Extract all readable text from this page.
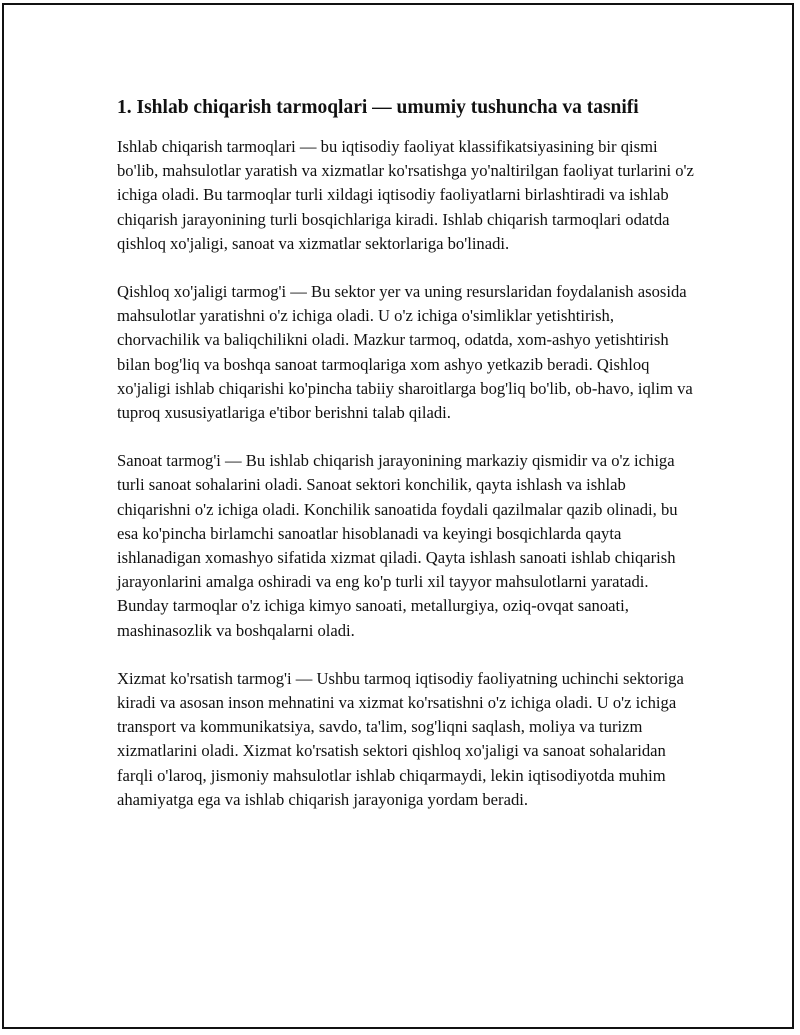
1. Ishlab chiqarish tarmoqlari — umumiy tushuncha va tasnifi

Ishlab chiqarish tarmoqlari — bu iqtisodiy faoliyat klassifikatsiyasining bir qismi bo'lib, mahsulotlar yaratish va xizmatlar ko'rsatishga yo'naltirilgan faoliyat turlarini o'z ichiga oladi. Bu tarmoqlar turli xildagi iqtisodiy faoliyatlarni birlashtiradi va ishlab chiqarish jarayonining turli bosqichlariga kiradi. Ishlab chiqarish tarmoqlari odatda qishloq xo'jaligi, sanoat va xizmatlar sektorlariga bo'linadi.

Qishloq xo'jaligi tarmog'i — Bu sektor yer va uning resurslaridan foydalanish asosida mahsulotlar yaratishni o'z ichiga oladi. U o'z ichiga o'simliklar yetishtirish, chorvachilik va baliqchilikni oladi. Mazkur tarmoq, odatda, xom-ashyo yetishtirish bilan bog'liq va boshqa sanoat tarmoqlariga xom ashyo yetkazib beradi. Qishloq xo'jaligi ishlab chiqarishi ko'pincha tabiiy sharoitlarga bog'liq bo'lib, ob-havo, iqlim va tuproq xususiyatlariga e'tibor berishni talab qiladi.

Sanoat tarmog'i — Bu ishlab chiqarish jarayonining markaziy qismidir va o'z ichiga turli sanoat sohalarini oladi. Sanoat sektori konchilik, qayta ishlash va ishlab chiqarishni o'z ichiga oladi. Konchilik sanoatida foydali qazilmalar qazib olinadi, bu esa ko'pincha birlamchi sanoatlar hisoblanadi va keyingi bosqichlarda qayta ishlanadigan xomashyo sifatida xizmat qiladi. Qayta ishlash sanoati ishlab chiqarish jarayonlarini amalga oshiradi va eng ko'p turli xil tayyor mahsulotlarni yaratadi. Bunday tarmoqlar o'z ichiga kimyo sanoati, metallurgiya, oziq-ovqat sanoati, mashinasozlik va boshqalarni oladi.

Xizmat ko'rsatish tarmog'i — Ushbu tarmoq iqtisodiy faoliyatning uchinchi sektoriga kiradi va asosan inson mehnatini va xizmat ko'rsatishni o'z ichiga oladi. U o'z ichiga transport va kommunikatsiya, savdo, ta'lim, sog'liqni saqlash, moliya va turizm xizmatlarini oladi. Xizmat ko'rsatish sektori qishloq xo'jaligi va sanoat sohalaridan farqli o'laroq, jismoniy mahsulotlar ishlab chiqarmaydi, lekin iqtisodiyotda muhim ahamiyatga ega va ishlab chiqarish jarayoniga yordam beradi.
